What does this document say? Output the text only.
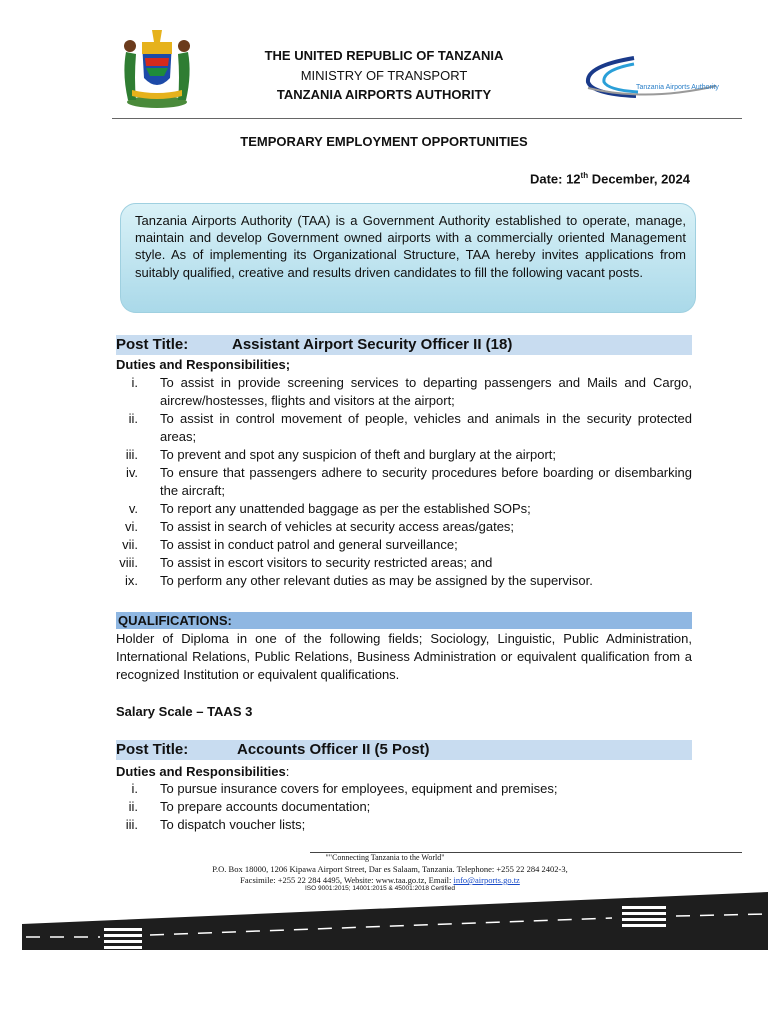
THE UNITED REPUBLIC OF TANZANIA
MINISTRY OF TRANSPORT
TANZANIA AIRPORTS AUTHORITY	Tanzania Airports Authority
TEMPORARY EMPLOYMENT OPPORTUNITIES
Date: 12th December, 2024
Tanzania Airports Authority (TAA) is a Government Authority established to operate, manage, maintain and develop Government owned airports with a commercially oriented Management style. As of implementing its Organizational Structure, TAA hereby invites applications from suitably qualified, creative and results driven candidates to fill the following vacant posts.
Post Title:	Assistant Airport Security Officer II (18)
Duties and Responsibilities;
i. To assist in provide screening services to departing passengers and Mails and Cargo, aircrew/hostesses, flights and visitors at the airport;
ii. To assist in control movement of people, vehicles and animals in the security protected areas;
iii. To prevent and spot any suspicion of theft and burglary at the airport;
iv. To ensure that passengers adhere to security procedures before boarding or disembarking the aircraft;
v. To report any unattended baggage as per the established SOPs;
vi. To assist in search of vehicles at security access areas/gates;
vii. To assist in conduct patrol and general surveillance;
viii. To assist in escort visitors to security restricted areas; and
ix. To perform any other relevant duties as may be assigned by the supervisor.
QUALIFICATIONS:
Holder of Diploma in one of the following fields; Sociology, Linguistic, Public Administration, International Relations, Public Relations, Business Administration or equivalent qualification from a recognized Institution or equivalent qualifications.
Salary Scale – TAAS 3
Post Title:	Accounts Officer II (5 Post)
Duties and Responsibilities:
i. To pursue insurance covers for employees, equipment and premises;
ii. To prepare accounts documentation;
iii. To dispatch voucher lists;
""Connecting Tanzania to the World"
P.O. Box 18000, 1206 Kipawa Airport Street, Dar es Salaam, Tanzania. Telephone: +255 22 284 2402-3,
Facsimile: +255 22 284 4495, Website: www.taa.go.tz, Email: info@airports.go.tz
ISO 9001:2015; 14001:2015 & 45001:2018 Certified
